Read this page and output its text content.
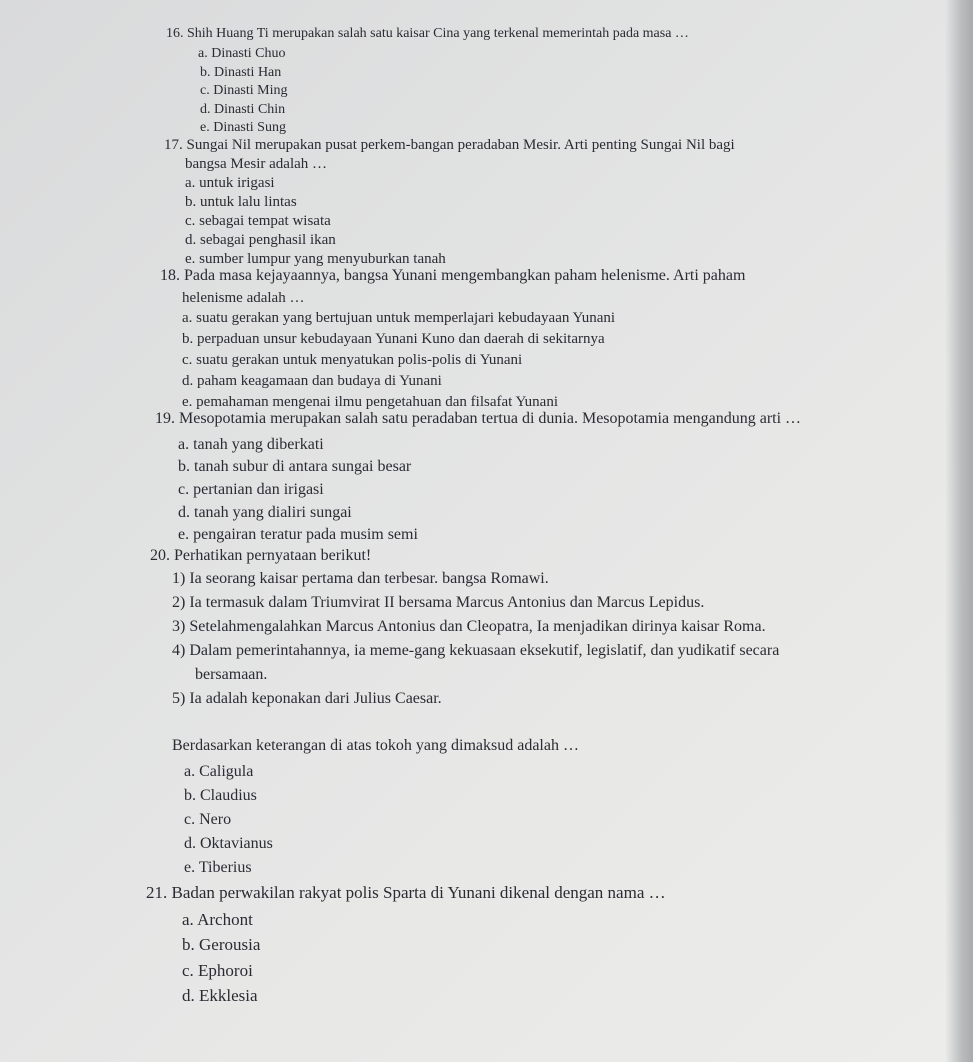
16. Shih Huang Ti merupakan salah satu kaisar Cina yang terkenal memerintah pada masa …
a. Dinasti Chuo
b. Dinasti Han
c. Dinasti Ming
d. Dinasti Chin
e. Dinasti Sung
17. Sungai Nil merupakan pusat perkem-bangan peradaban Mesir. Arti penting Sungai Nil bagi
bangsa Mesir adalah …
a. untuk irigasi
b. untuk lalu lintas
c. sebagai tempat wisata
d. sebagai penghasil ikan
e. sumber lumpur yang menyuburkan tanah
18. Pada masa kejayaannya, bangsa Yunani mengembangkan paham helenisme. Arti paham
helenisme adalah …
a. suatu gerakan yang bertujuan untuk memperlajari kebudayaan Yunani
b. perpaduan unsur kebudayaan Yunani Kuno dan daerah di sekitarnya
c. suatu gerakan untuk menyatukan polis-polis di Yunani
d. paham keagamaan dan budaya di Yunani
e. pemahaman mengenai ilmu pengetahuan dan filsafat Yunani
19. Mesopotamia merupakan salah satu peradaban tertua di dunia. Mesopotamia mengandung arti …
a. tanah yang diberkati
b. tanah subur di antara sungai besar
c. pertanian dan irigasi
d. tanah yang dialiri sungai
e. pengairan teratur pada musim semi
20. Perhatikan pernyataan berikut!
1) Ia seorang kaisar pertama dan terbesar. bangsa Romawi.
2) Ia termasuk dalam Triumvirat II bersama Marcus Antonius dan Marcus Lepidus.
3) Setelahmengalahkan Marcus Antonius dan Cleopatra, Ia menjadikan dirinya kaisar Roma.
4) Dalam pemerintahannya, ia meme-gang kekuasaan eksekutif, legislatif, dan yudikatif secara
bersamaan.
5) Ia adalah keponakan dari Julius Caesar.
Berdasarkan keterangan di atas tokoh yang dimaksud adalah …
a. Caligula
b. Claudius
c. Nero
d. Oktavianus
e. Tiberius
21. Badan perwakilan rakyat polis Sparta di Yunani dikenal dengan nama …
a. Archont
b. Gerousia
c. Ephoroi
d. Ekklesia
